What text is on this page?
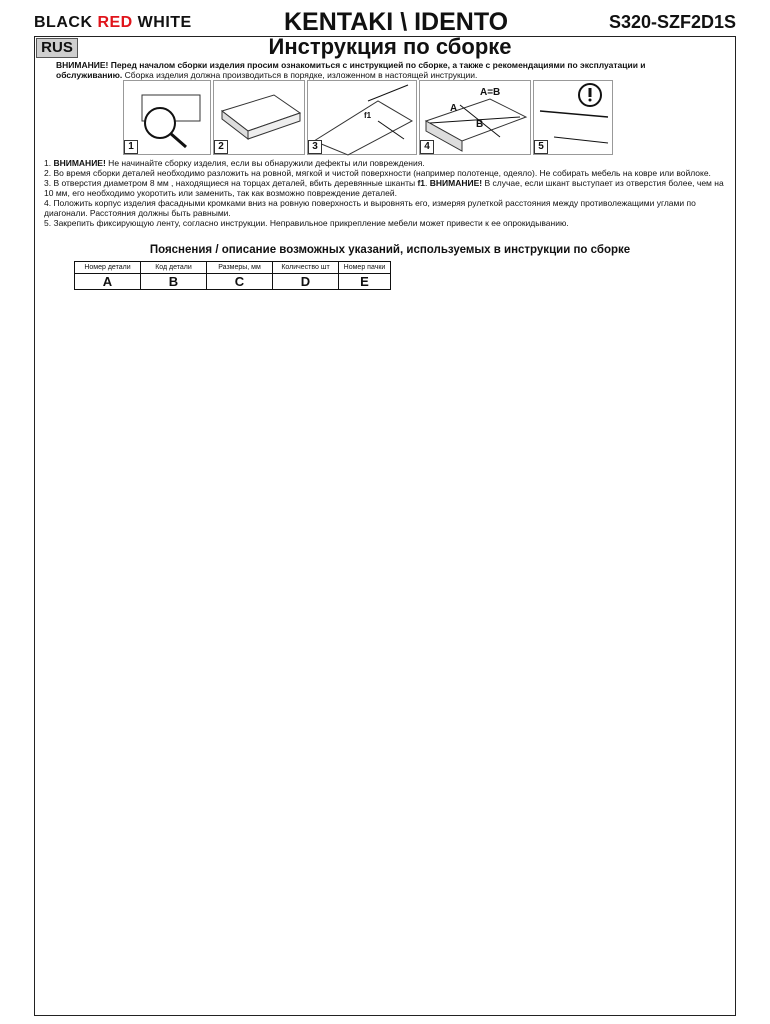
BLACK RED WHITE	KENTAKI \ IDENTO	S320-SZF2D1S
RUS	Инструкция по сборке
ВНИМАНИЕ! Перед началом сборки изделия просим ознакомиться с инструкцией по сборке, а также с рекомендациями по эксплуатации и обслуживанию. Сборка изделия должна производиться в порядке, изложенном в настоящей инструкции.
1	2
f1
3
A=B
A
B
4	5

1. ВНИМАНИЕ! Не начинайте сборку изделия, если вы обнаружили дефекты или повреждения.

2. Во время сборки деталей необходимо разложить на ровной, мягкой и чистой поверхности (например полотенце, одеяло). Не собирать мебель на ковре или войлоке.

3. В отверстия диаметром 8 мм , находящиеся на торцах деталей, вбить деревянные шканты f1. ВНИМАНИЕ! В случае, если шкант выступает из отверстия более, чем на 10 мм, его необходимо укоротить или заменить, так как возможно повреждение деталей.

4. Положить корпус изделия фасадными кромками вниз на ровную поверхность и выровнять его, измеряя рулеткой расстояния между противолежащими углами по диагонали. Расстояния должны быть равными.

5. Закрепить фиксирующую ленту, согласно инструкции. Неправильное прикрепление мебели может привести к ее опрокидыванию.

Пояснения / описание возможных указаний, используемых в инструкции по сборке
Номер детали	Код детали	Размеры, мм	Количество шт	Номер пачки
A	B	C	D	E
